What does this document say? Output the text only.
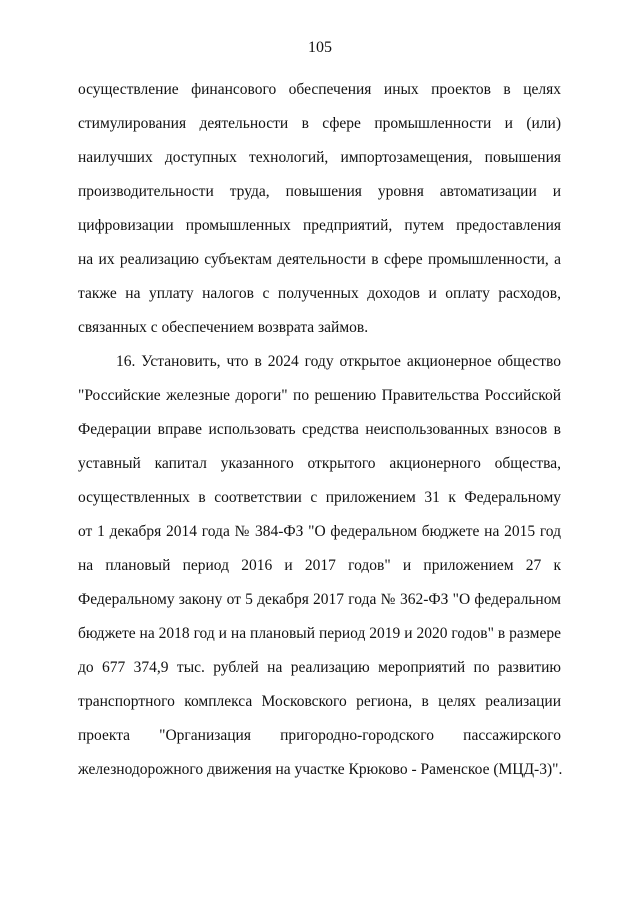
105

осуществление финансового обеспечения иных проектов в целях
стимулирования деятельности в сфере промышленности и (или)
наилучших доступных технологий, импортозамещения, повышения
производительности труда, повышения уровня автоматизации и
цифровизации промышленных предприятий, путем предоставления
на их реализацию субъектам деятельности в сфере промышленности, а
также на уплату налогов с полученных доходов и оплату расходов,
связанных с обеспечением возврата займов.

16. Установить, что в 2024 году открытое акционерное общество
"Российские железные дороги" по решению Правительства Российской
Федерации вправе использовать средства неиспользованных взносов в
уставный капитал указанного открытого акционерного общества,
осуществленных в соответствии с приложением 31 к Федеральному
от 1 декабря 2014 года № 384-ФЗ "О федеральном бюджете на 2015 год
на плановый период 2016 и 2017 годов" и приложением 27 к
Федеральному закону от 5 декабря 2017 года № 362-ФЗ "О федеральном
бюджете на 2018 год и на плановый период 2019 и 2020 годов" в размере
до 677 374,9 тыс. рублей на реализацию мероприятий по развитию
транспортного комплекса Московского региона, в целях реализации
проекта "Организация пригородно-городского пассажирского
железнодорожного движения на участке Крюково - Раменское (МЦД-3)".
